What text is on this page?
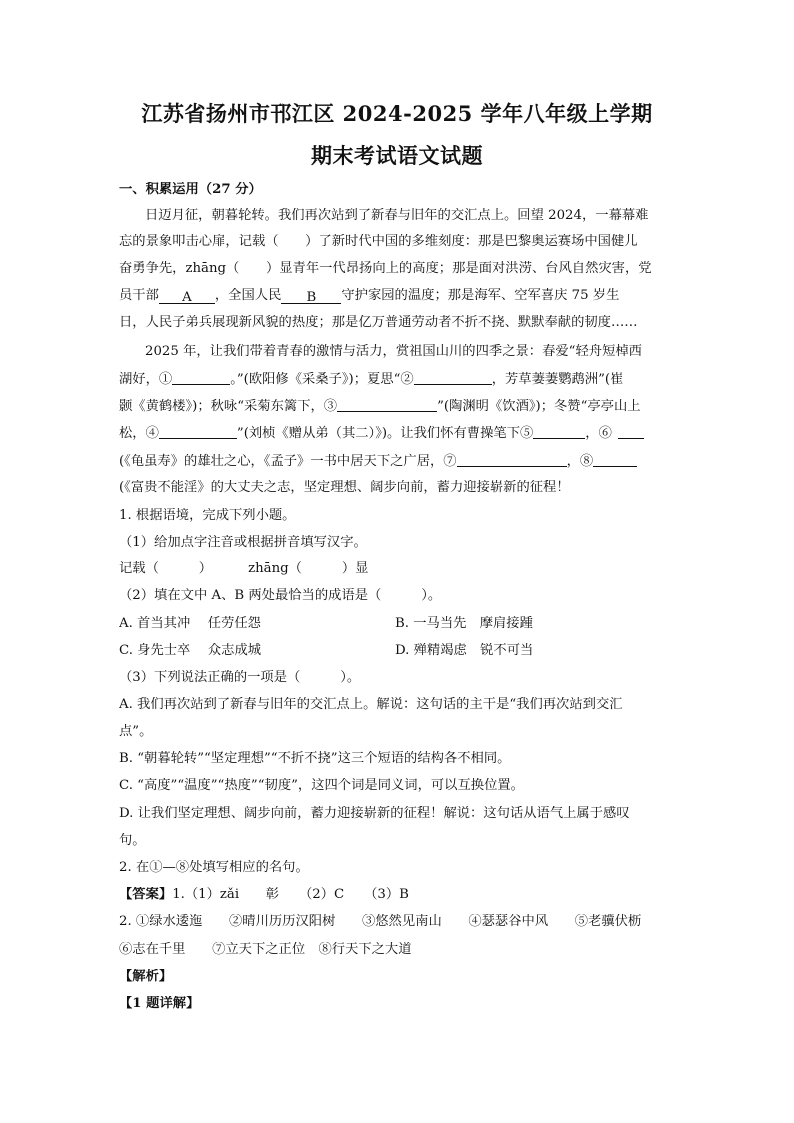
江苏省扬州市邗江区 2024-2025 学年八年级上学期
期末考试语文试题
一、积累运用（27 分）
日迈月征，朝暮轮转。我们再次站到了新春与旧年的交汇点上。回望 2024，一幕幕难
忘的景象叩击心扉，记载（　　）了新时代中国的多维刻度：那是巴黎奥运赛场中国健儿
奋勇争先，zhāng（　　）显青年一代昂扬向上的高度；那是面对洪涝、台风自然灾害，党
员干部 A ，全国人民 B 守护家园的温度；那是海军、空军喜庆 75 岁生
日，人民子弟兵展现新风貌的热度；那是亿万普通劳动者不折不挠、默默奉献的韧度……
2025 年，让我们带着青春的激情与活力，赏祖国山川的四季之景：春爱“轻舟短棹西
湖好，①	。”(欧阳修《采桑子》)；夏思“②	，芳草萋萋鹦鹉洲”(崔
颢《黄鹤楼》)；秋咏“采菊东篱下，③	”(陶渊明《饮酒》)；冬赞“亭亭山上
松，④	”(刘桢《赠从弟（其二）》)。让我们怀有曹操笔下⑤	，⑥
(《龟虽寿》的雄壮之心，《孟子》一书中居天下之广居，⑦	，⑧
(《富贵不能淫》的大丈夫之志，坚定理想、阔步向前，蓄力迎接崭新的征程！
1. 根据语境，完成下列小题。
（1）给加点字注音或根据拼音填写汉字。
记载（　　　）	zhāng（　　　）显
（2）填在文中 A、B 两处最恰当的成语是（　　　）。
A. 首当其冲　 任劳任怨	B. 一马当先　摩肩接踵
C. 身先士卒　 众志成城	D. 殚精竭虑　锐不可当
（3）下列说法正确的一项是（　　　）。
A. 我们再次站到了新春与旧年的交汇点上。解说：这句话的主干是“我们再次站到交汇
点”。
B. “朝暮轮转”“坚定理想”“不折不挠”这三个短语的结构各不相同。
C. “高度”“温度”“热度”“韧度”，这四个词是同义词，可以互换位置。
D. 让我们坚定理想、阔步向前，蓄力迎接崭新的征程！解说：这句话从语气上属于感叹
句。
2. 在①—⑧处填写相应的名句。
【答案】1.（1）zǎi　　彰　　（2）C　　（3）B
2. ①绿水逶迤　　②晴川历历汉阳树　　③悠然见南山　　④瑟瑟谷中风　　⑤老骥伏枥
⑥志在千里　　⑦立天下之正位　⑧行天下之大道
【解析】
【1 题详解】
